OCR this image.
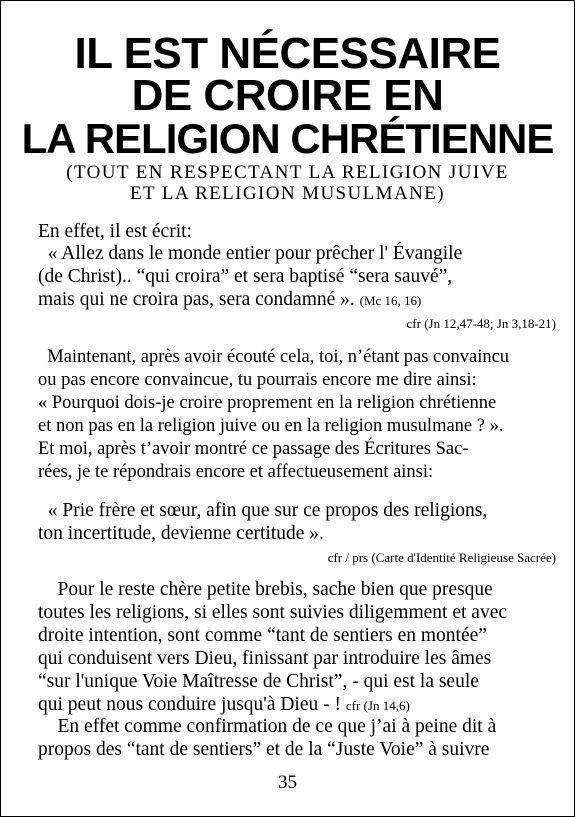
IL EST NÉCESSAIRE
DE CROIRE EN
LA RELIGION CHRÉTIENNE
(TOUT EN RESPECTANT LA RELIGION JUIVE
ET LA RELIGION MUSULMANE)
En effet, il est écrit:
« Allez dans le monde entier pour prêcher l' Évangile
(de Christ).. “qui croira” et sera baptisé “sera sauvé”,
mais qui ne croira pas, sera condamné ». (Mc 16, 16)
cfr (Jn 12,47-48; Jn 3,18-21)
Maintenant, après avoir écouté cela, toi, n’étant pas convaincu
ou pas encore convaincue, tu pourrais encore me dire ainsi:
« Pourquoi dois-je croire proprement en la religion chrétienne
et non pas en la religion juive ou en la religion musulmane ? ».
Et moi, après t’avoir montré ce passage des Écritures Sac-
rées, je te répondrais encore et affectueusement ainsi:
« Prie frère et sœur, afin que sur ce propos des religions,
ton incertitude, devienne certitude ».
cfr / prs (Carte d'Identité Religieuse Sacrée)
Pour le reste chère petite brebis, sache bien que presque
toutes les religions, si elles sont suivies diligemment et avec
droite intention, sont comme “tant de sentiers en montée”
qui conduisent vers Dieu, finissant par introduire les âmes
“sur l'unique Voie Maîtresse de Christ”, - qui est la seule
qui peut nous conduire jusqu'à Dieu - ! cfr (Jn 14,6)
En effet comme confirmation de ce que j’ai à peine dit à
propos des “tant de sentiers” et de la “Juste Voie” à suivre
35
